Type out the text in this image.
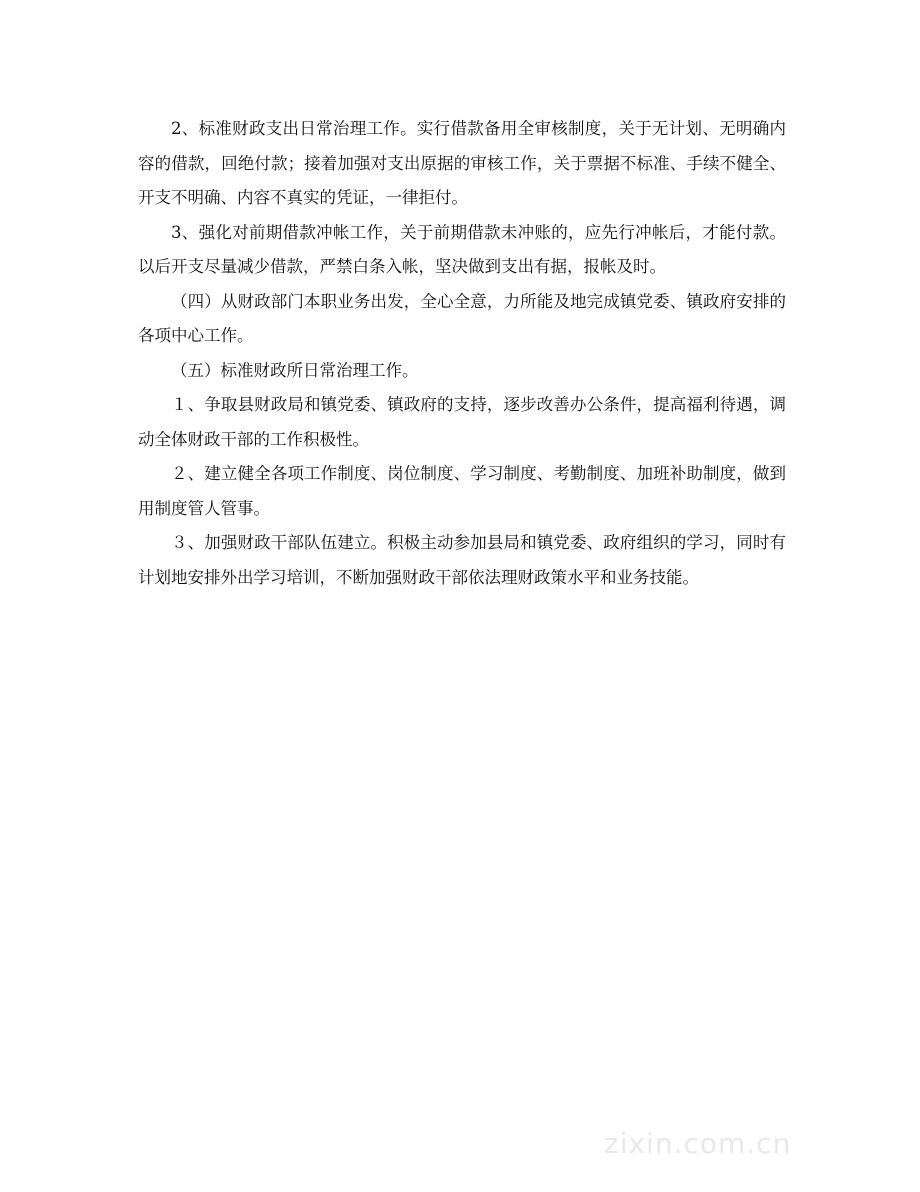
2、标准财政支出日常治理工作。实行借款备用全审核制度，关于无计划、无明确内容的借款，回绝付款；接着加强对支出原据的审核工作，关于票据不标准、手续不健全、开支不明确、内容不真实的凭证，一律拒付。

3、强化对前期借款冲帐工作，关于前期借款未冲账的，应先行冲帐后，才能付款。以后开支尽量减少借款，严禁白条入帐，坚决做到支出有据，报帐及时。

（四）从财政部门本职业务出发，全心全意，力所能及地完成镇党委、镇政府安排的各项中心工作。

（五）标准财政所日常治理工作。

１、争取县财政局和镇党委、镇政府的支持，逐步改善办公条件，提高福利待遇，调动全体财政干部的工作积极性。

２、建立健全各项工作制度、岗位制度、学习制度、考勤制度、加班补助制度，做到用制度管人管事。

３、加强财政干部队伍建立。积极主动参加县局和镇党委、政府组织的学习，同时有计划地安排外出学习培训，不断加强财政干部依法理财政策水平和业务技能。

zixin.com.cn
